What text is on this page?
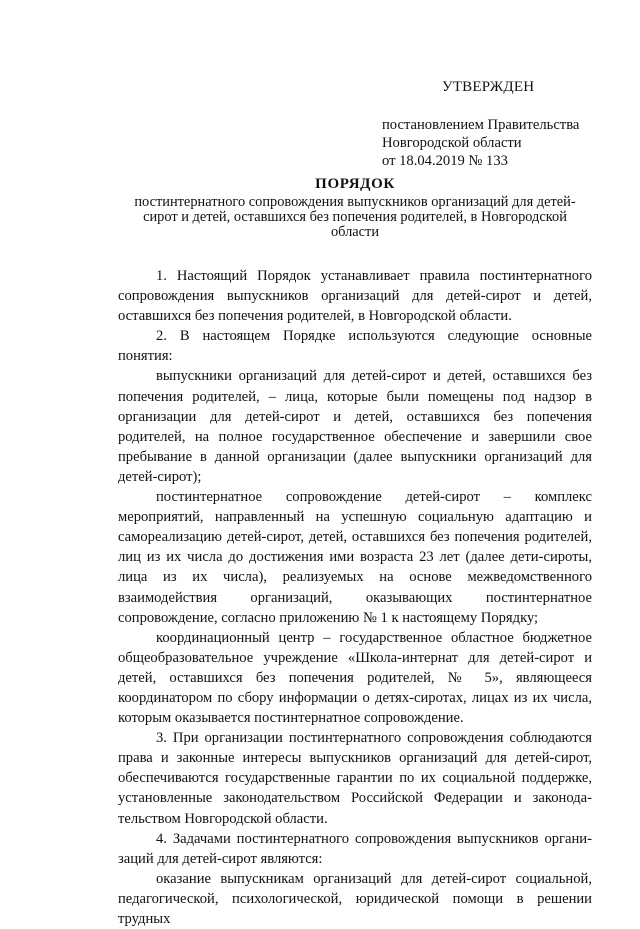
УТВЕРЖДЕН
постановлением Правительства
Новгородской области
от 18.04.2019 № 133
ПОРЯДОК
постинтернатного сопровождения выпускников организаций для детей-сирот и детей, оставшихся без попечения родителей, в Новгородской области

1. Настоящий Порядок устанавливает правила постинтернатного сопровождения выпускников организаций для детей-сирот и детей, оставшихся без попечения родителей, в Новгородской области.

2. В настоящем Порядке используются следующие основные понятия:

выпускники организаций для детей-сирот и детей, оставшихся без попечения родителей, – лица, которые были помещены под надзор в организации для детей-сирот и детей, оставшихся без попечения родителей, на полное государственное обеспечение и завершили свое пребывание в данной организации (далее выпускники организаций для детей-сирот);

постинтернатное сопровождение детей-сирот – комплекс мероприятий, направленный на успешную социальную адаптацию и самореализацию детей-сирот, детей, оставшихся без попечения родителей, лиц из их числа до достижения ими возраста 23 лет (далее дети-сироты, лица из их числа), реализуемых на основе межведомственного взаимодействия организаций, оказывающих постинтернатное сопровождение, согласно приложению № 1 к настоящему Порядку;

координационный центр – государственное областное бюджетное общеобразовательное учреждение «Школа-интернат для детей-сирот и детей, оставшихся без попечения родителей, № 5», являющееся координатором по сбору информации о детях-сиротах, лицах из их числа, которым оказывается постинтернатное сопровождение.

3. При организации постинтернатного сопровождения соблюдаются права и законные интересы выпускников организаций для детей-сирот, обеспечиваются государственные гарантии по их социальной поддержке, установленные законодательством Российской Федерации и законодательством Новгородской области.

4. Задачами постинтернатного сопровождения выпускников организаций для детей-сирот являются:

оказание выпускникам организаций для детей-сирот социальной, педагогической, психологической, юридической помощи в решении трудных
